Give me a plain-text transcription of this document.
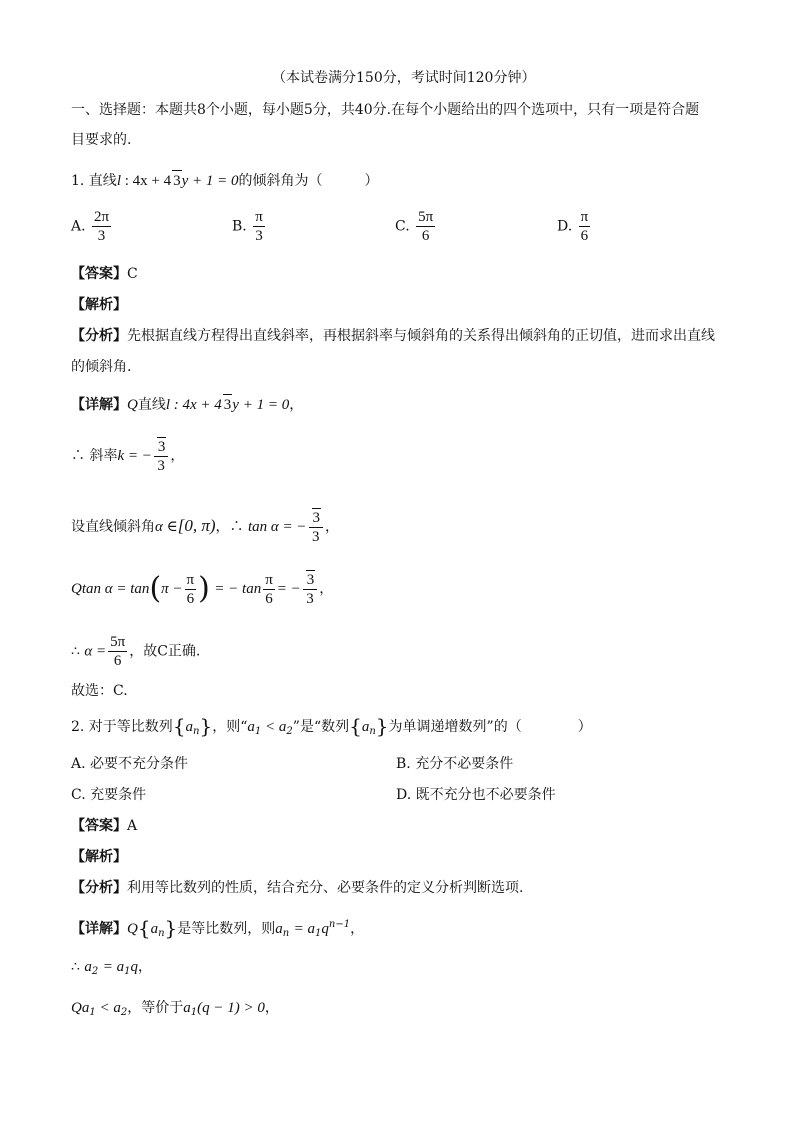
（本试卷满分150分，考试时间120分钟）
一、选择题：本题共8个小题，每小题5分，共40分.在每个小题给出的四个选项中，只有一项是符合题
目要求的.
1. 直线l : 4x + 4 3y + 1 = 0的倾斜角为（　　　）
A. $\frac{2\pi}{3}$	B. $\frac{\pi}{3}$	C. $\frac{5\pi}{6}$	D. $\frac{\pi}{6}$
【答案】C
【解析】
【分析】先根据直线方程得出直线斜率，再根据斜率与倾斜角的关系得出倾斜角的正切值，进而求出直线
的倾斜角.
【详解】Q直线l : 4x + 4 3y + 1 = 0，
∴ 斜率k = − $\frac{3}{3}$ ，
设直线倾斜角α ∈[0, π)，∴ tan α = − $\frac{3}{3}$ ，
Qtan $\alpha = \tan(\pi - \frac{\pi}{6}$ ) = − $\tan \frac{\pi}{6}$ = − $\frac{3}{3}$ ，
∴ $\alpha = \frac{5\pi}{6}$ ，故C正确.
故选：C.
2. 对于等比数列$\{a_n\}$，则“$a_1 < a_2$”是“数列$\{a_n\}$为单调递增数列”的（　　　　）
A. 必要不充分条件	B. 充分不必要条件
C. 充要条件	D. 既不充分也不必要条件
【答案】A
【解析】
【分析】利用等比数列的性质，结合充分、必要条件的定义分析判断选项.
【详解】$Q\{a_n\}$是等比数列，则$a_n = a_1q^{n-1}$，
∴ $a_2 = a_1q$，
$Qa_1 < a_2$，等价于$a_1(q - 1) > 0$，
